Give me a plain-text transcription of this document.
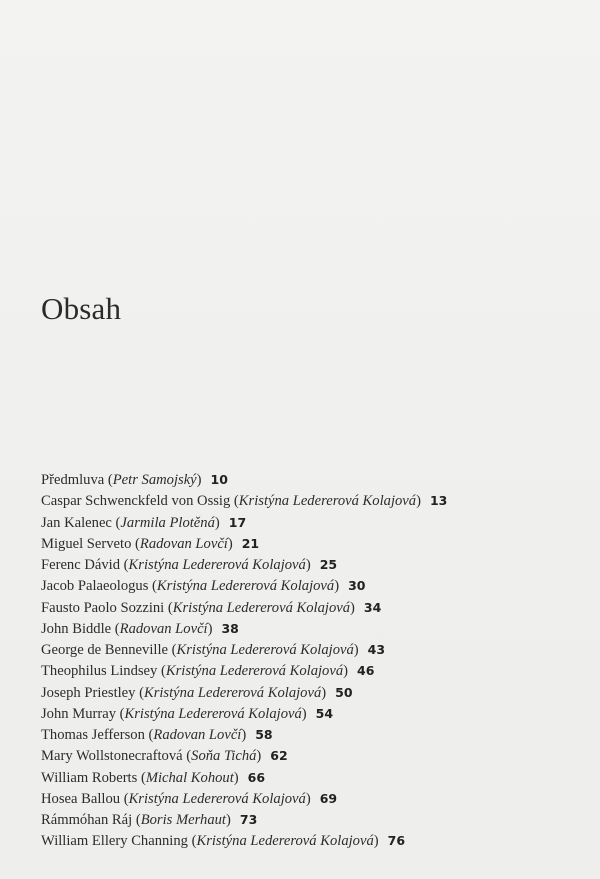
Obsah
Předmluva (Petr Samojský) 10
Caspar Schwenckfeld von Ossig (Kristýna Ledererová Kolajová) 13
Jan Kalenec (Jarmila Plotěná) 17
Miguel Serveto (Radovan Lovčí) 21
Ferenc Dávid (Kristýna Ledererová Kolajová) 25
Jacob Palaeologus (Kristýna Ledererová Kolajová) 30
Fausto Paolo Sozzini (Kristýna Ledererová Kolajová) 34
John Biddle (Radovan Lovčí) 38
George de Benneville (Kristýna Ledererová Kolajová) 43
Theophilus Lindsey (Kristýna Ledererová Kolajová) 46
Joseph Priestley (Kristýna Ledererová Kolajová) 50
John Murray (Kristýna Ledererová Kolajová) 54
Thomas Jefferson (Radovan Lovčí) 58
Mary Wollstonecraftová (Soňa Tichá) 62
William Roberts (Michal Kohout) 66
Hosea Ballou (Kristýna Ledererová Kolajová) 69
Rámmóhan Ráj (Boris Merhaut) 73
William Ellery Channing (Kristýna Ledererová Kolajová) 76
